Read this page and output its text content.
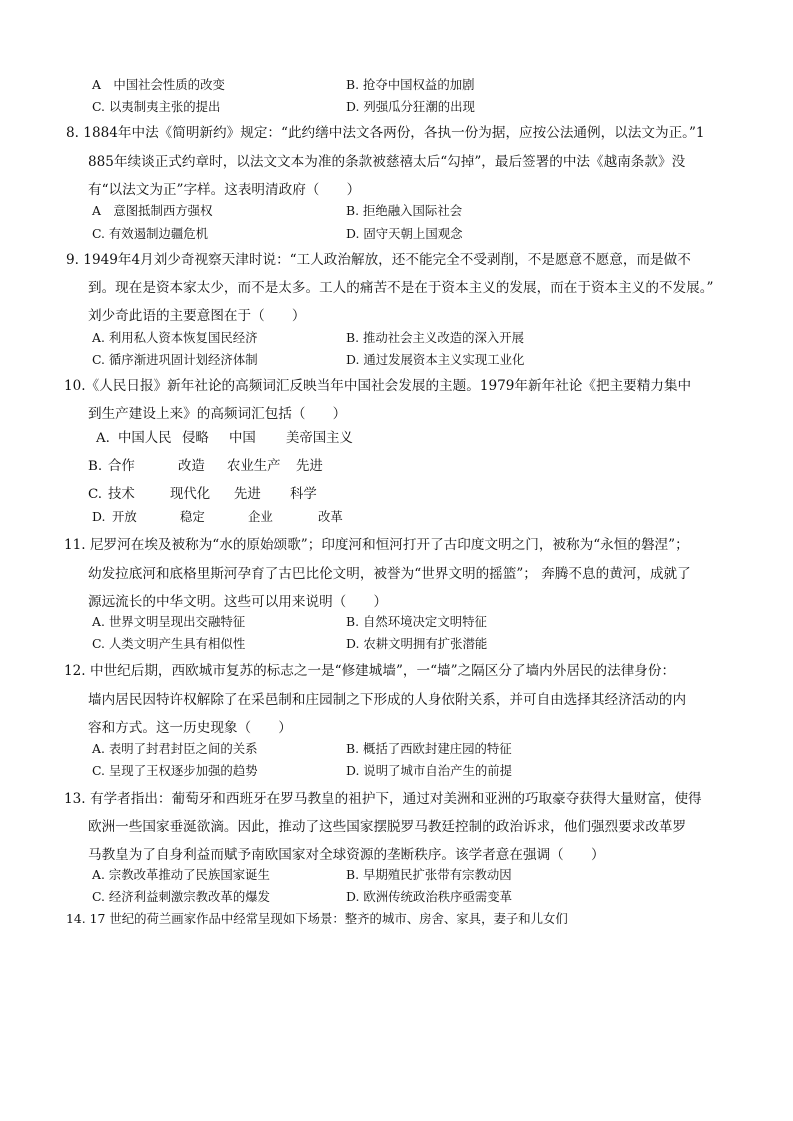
A　中国社会性质的改变	B. 抢夺中国权益的加剧
C. 以夷制夷主张的提出	D. 列强瓜分狂潮的出现
8. 1884年中法《简明新约》规定：“此约缮中法文各两份，各执一份为据，应按公法通例，以法文为正。”1
885年续谈正式约章时，以法文文本为准的条款被慈禧太后“勾掉”，最后签署的中法《越南条款》没
有“以法文为正”字样。这表明清政府（　　）
A　意图抵制西方强权	B. 拒绝融入国际社会
C. 有效遏制边疆危机	D. 固守天朝上国观念
9. 1949年4月刘少奇视察天津时说：“工人政治解放，还不能完全不受剥削，不是愿意不愿意，而是做不
到。现在是资本家太少，而不是太多。工人的痛苦不是在于资本主义的发展，而在于资本主义的不发展。”
刘少奇此语的主要意图在于（　　）
A. 利用私人资本恢复国民经济	B. 推动社会主义改造的深入开展
C. 循序渐进巩固计划经济体制	D. 通过发展资本主义实现工业化
10.《人民日报》新年社论的高频词汇反映当年中国社会发展的主题。1979年新年社论《把主要精力集中
到生产建设上来》的高频词汇包括（　　）
A. 中国人民 侵略 中国 美帝国主义
B. 合作	改造 农业生产 先进
C. 技术	现代化 先进 科学
D. 开放	稳定	企业	改革
11. 尼罗河在埃及被称为“水的原始颂歌”；印度河和恒河打开了古印度文明之门，被称为“永恒的磐涅”；
幼发拉底河和底格里斯河孕育了古巴比伦文明，被誉为“世界文明的摇篮”； 奔腾不息的黄河，成就了
源远流长的中华文明。这些可以用来说明（　　）
A. 世界文明呈现出交融特征	B. 自然环境决定文明特征
C. 人类文明产生具有相似性	D. 农耕文明拥有扩张潜能
12. 中世纪后期，西欧城市复苏的标志之一是“修建城墙”，一“墙”之隔区分了墙内外居民的法律身份：
墙内居民因特许权解除了在采邑制和庄园制之下形成的人身依附关系，并可自由选择其经济活动的内
容和方式。这一历史现象（　　）
A. 表明了封君封臣之间的关系	B. 概括了西欧封建庄园的特征
C. 呈现了王权逐步加强的趋势	D. 说明了城市自治产生的前提
13. 有学者指出：葡萄牙和西班牙在罗马教皇的祖护下，通过对美洲和亚洲的巧取豪夺获得大量财富，使得
欧洲一些国家垂涎欲滴。因此，推动了这些国家摆脱罗马教廷控制的政治诉求，他们强烈要求改革罗
马教皇为了自身利益而赋予南欧国家对全球资源的垄断秩序。该学者意在强调（　　）
A. 宗教改革推动了民族国家诞生	B. 早期殖民扩张带有宗教动因
C. 经济利益刺激宗教改革的爆发	D. 欧洲传统政治秩序亟需变革
14. 17 世纪的荷兰画家作品中经常呈现如下场景：整齐的城市、房舍、家具，妻子和儿女们
